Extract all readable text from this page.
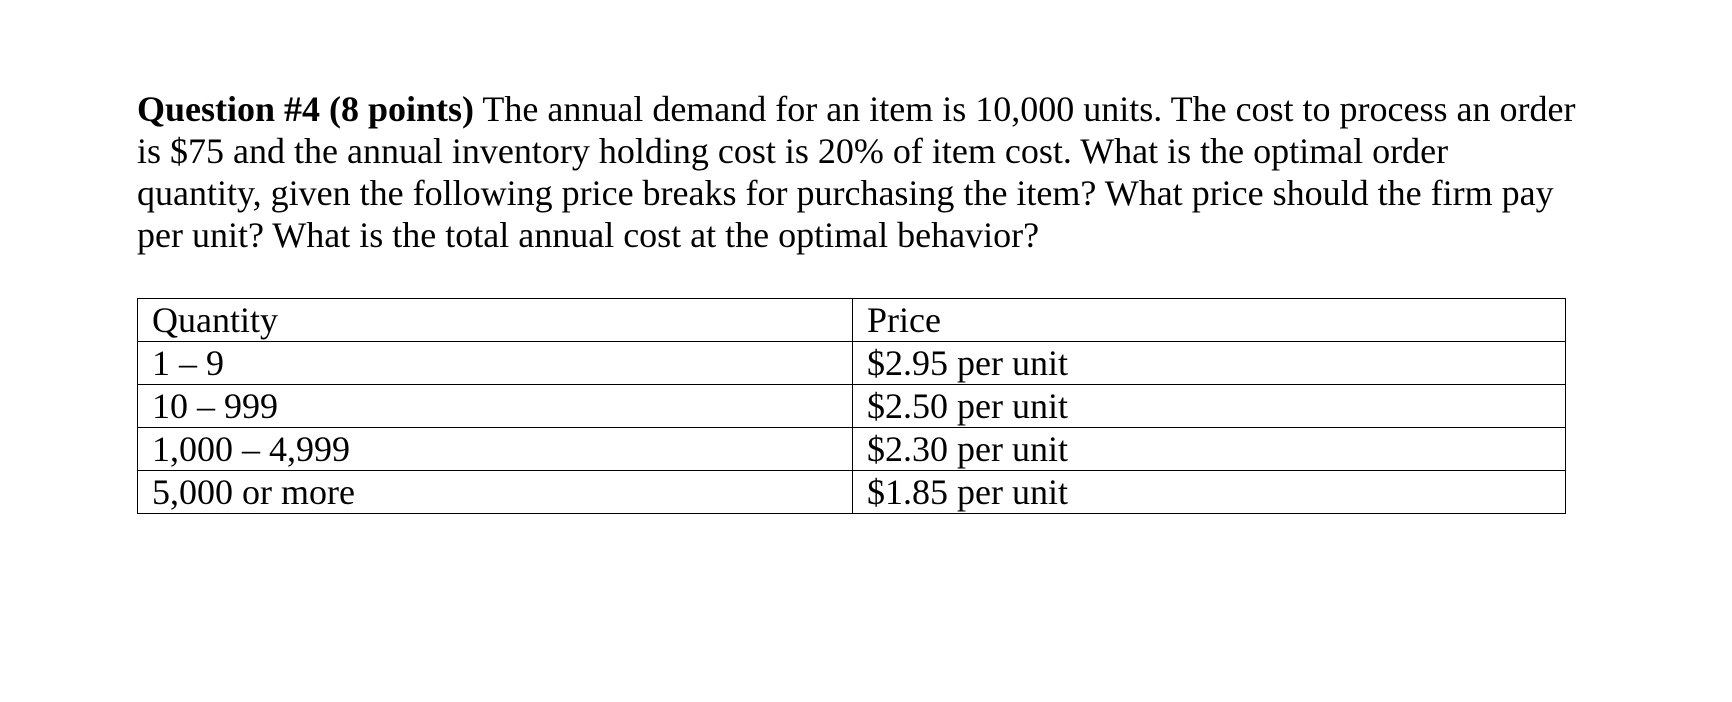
Question #4 (8 points) The annual demand for an item is 10,000 units. The cost to process an order is $75 and the annual inventory holding cost is 20% of item cost. What is the optimal order quantity, given the following price breaks for purchasing the item? What price should the firm pay per unit? What is the total annual cost at the optimal behavior?

Quantity	Price
1 – 9	$2.95 per unit
10 – 999	$2.50 per unit
1,000 – 4,999	$2.30 per unit
5,000 or more	$1.85 per unit
